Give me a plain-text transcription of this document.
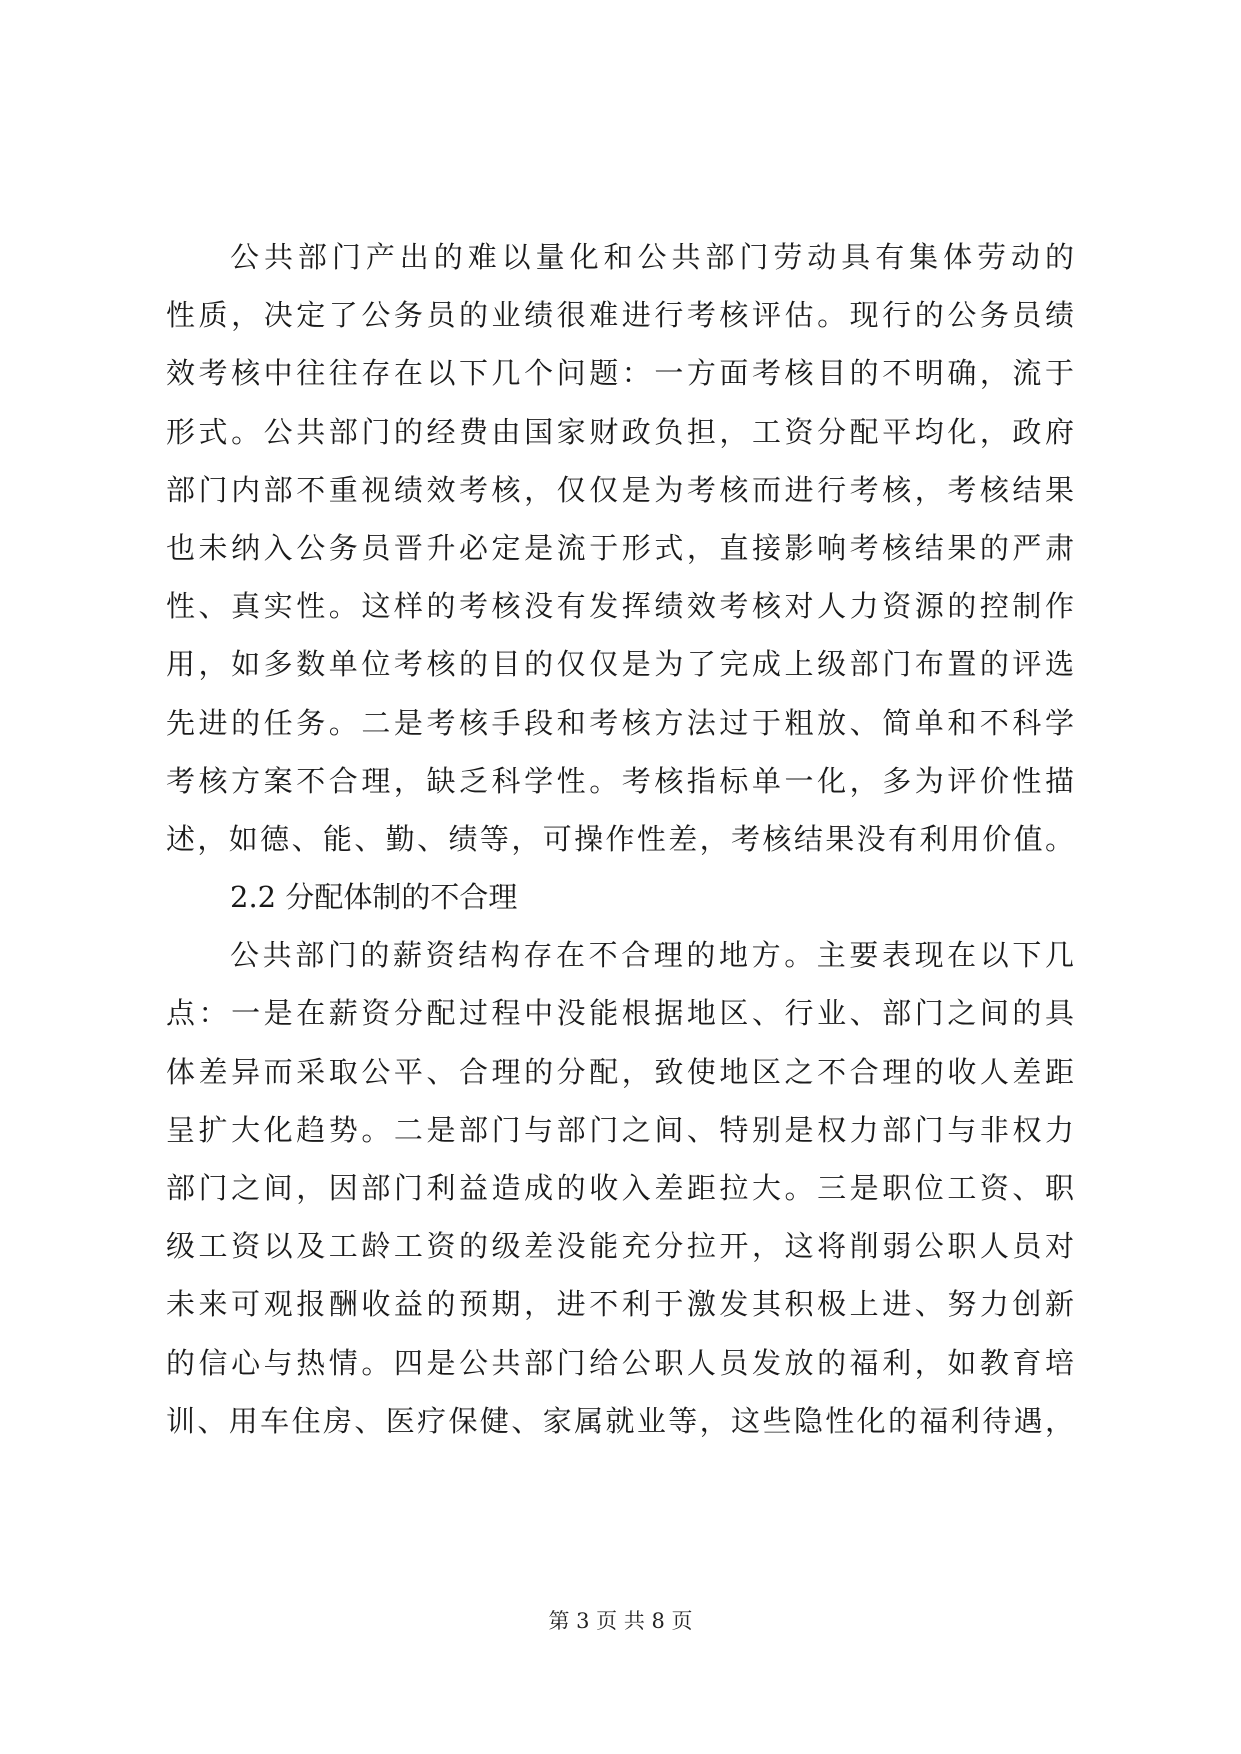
公共部门产出的难以量化和公共部门劳动具有集体劳动的
性质，决定了公务员的业绩很难进行考核评估。现行的公务员绩
效考核中往往存在以下几个问题：一方面考核目的不明确，流于
形式。公共部门的经费由国家财政负担，工资分配平均化，政府
部门内部不重视绩效考核，仅仅是为考核而进行考核，考核结果
也未纳入公务员晋升必定是流于形式，直接影响考核结果的严肃
性、真实性。这样的考核没有发挥绩效考核对人力资源的控制作
用，如多数单位考核的目的仅仅是为了完成上级部门布置的评选
先进的任务。二是考核手段和考核方法过于粗放、简单和不科学
考核方案不合理，缺乏科学性。考核指标单一化，多为评价性描
述，如德、能、勤、绩等，可操作性差，考核结果没有利用价值。
2.2 分配体制的不合理
公共部门的薪资结构存在不合理的地方。主要表现在以下几
点：一是在薪资分配过程中没能根据地区、行业、部门之间的具
体差异而采取公平、合理的分配，致使地区之不合理的收人差距
呈扩大化趋势。二是部门与部门之间、特别是权力部门与非权力
部门之间，因部门利益造成的收入差距拉大。三是职位工资、职
级工资以及工龄工资的级差没能充分拉开，这将削弱公职人员对
未来可观报酬收益的预期，进不利于激发其积极上进、努力创新
的信心与热情。四是公共部门给公职人员发放的福利，如教育培
训、用车住房、医疗保健、家属就业等，这些隐性化的福利待遇，
第 3 页 共 8 页
